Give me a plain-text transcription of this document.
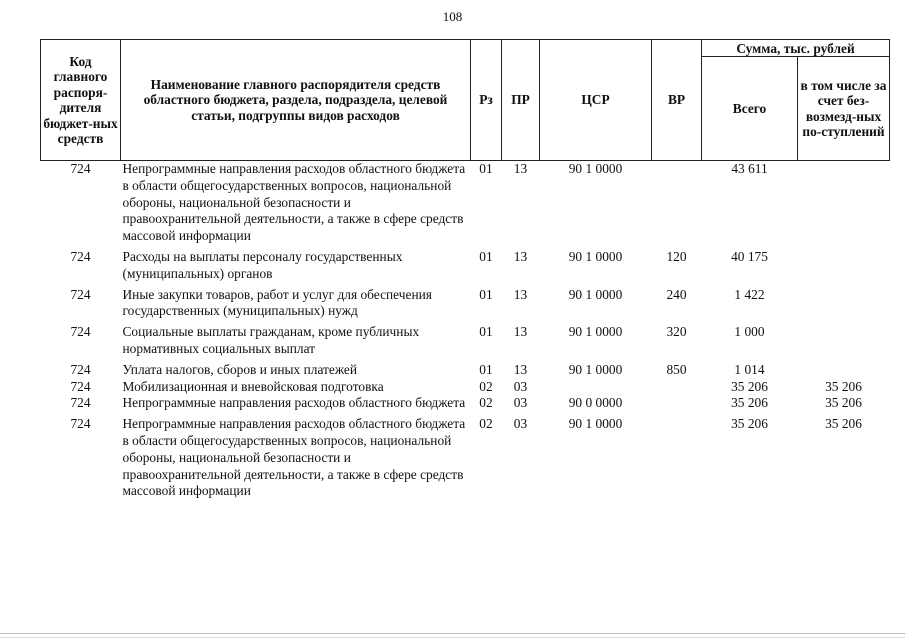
108
Код главного распоря-дителя бюджет-ных средств	Наименование главного распорядителя средств областного бюджета, раздела, подраздела, целевой статьи, подгруппы видов расходов	Рз	ПР	ЦСР	ВР	Сумма, тыс. рублей	
						Всего	в том числе за счет без-возмезд-ных по-ступлений
724	Непрограммные направления расходов областного бюджета в области общегосударственных вопросов, национальной обороны, национальной безопасности и правоохранительной деятельности, а также в сфере средств массовой информации	01	13	90 1 0000		43 611	
724	Расходы на выплаты персоналу государственных (муниципальных) органов	01	13	90 1 0000	120	40 175	
724	Иные закупки товаров, работ и услуг для обеспечения государственных (муниципальных) нужд	01	13	90 1 0000	240	1 422	
724	Социальные выплаты гражданам, кроме публичных нормативных социальных выплат	01	13	90 1 0000	320	1 000	
724	Уплата налогов, сборов и иных платежей	01	13	90 1 0000	850	1 014	
724	Мобилизационная и вневойсковая подготовка	02	03			35 206	35 206
724	Непрограммные направления расходов областного бюджета	02	03	90 0 0000		35 206	35 206
724	Непрограммные направления расходов областного бюджета в области общегосударственных вопросов, национальной обороны, национальной безопасности и правоохранительной деятельности, а также в сфере средств массовой информации	02	03	90 1 0000		35 206	35 206
